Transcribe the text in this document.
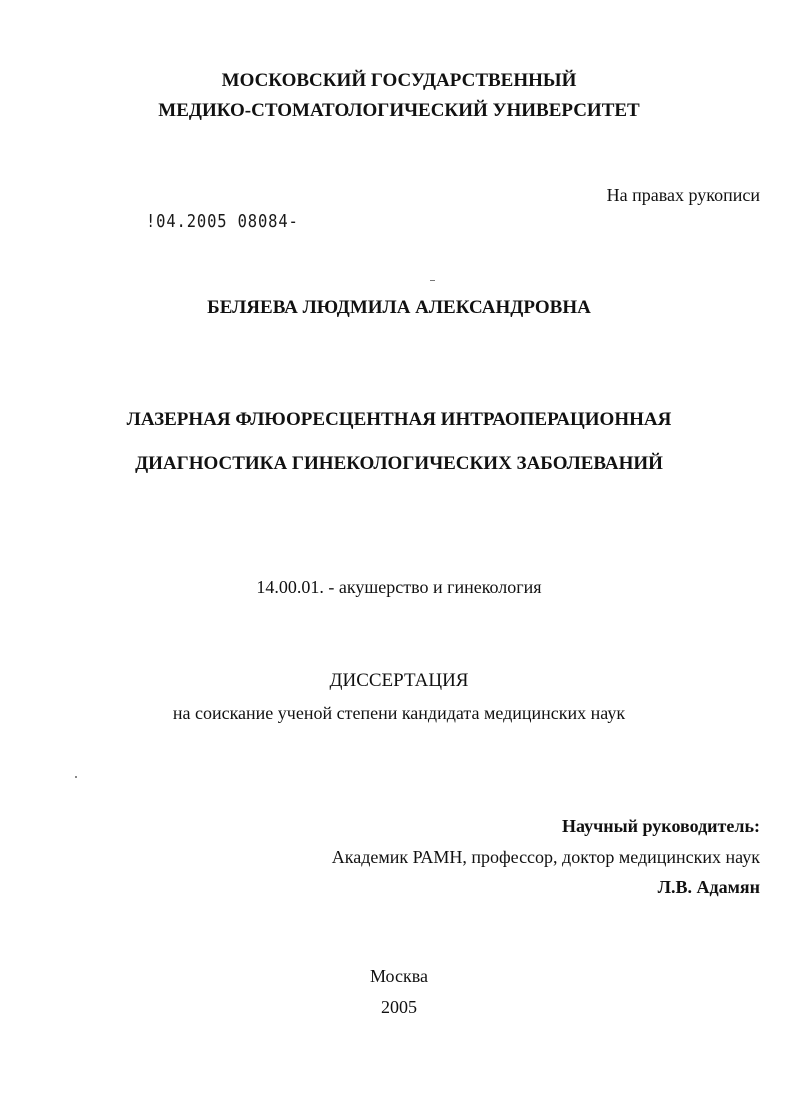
МОСКОВСКИЙ ГОСУДАРСТВЕННЫЙ
МЕДИКО-СТОМАТОЛОГИЧЕСКИЙ УНИВЕРСИТЕТ
На правах рукописи
!04.2005 08084-
БЕЛЯЕВА ЛЮДМИЛА АЛЕКСАНДРОВНА
ЛАЗЕРНАЯ ФЛЮОРЕСЦЕНТНАЯ ИНТРАОПЕРАЦИОННАЯ
ДИАГНОСТИКА ГИНЕКОЛОГИЧЕСКИХ ЗАБОЛЕВАНИЙ
14.00.01. - акушерство и гинекология
ДИССЕРТАЦИЯ
на соискание ученой степени кандидата медицинских наук
Научный руководитель:
Академик РАМН, профессор, доктор медицинских наук
Л.В. Адамян
Москва
2005
